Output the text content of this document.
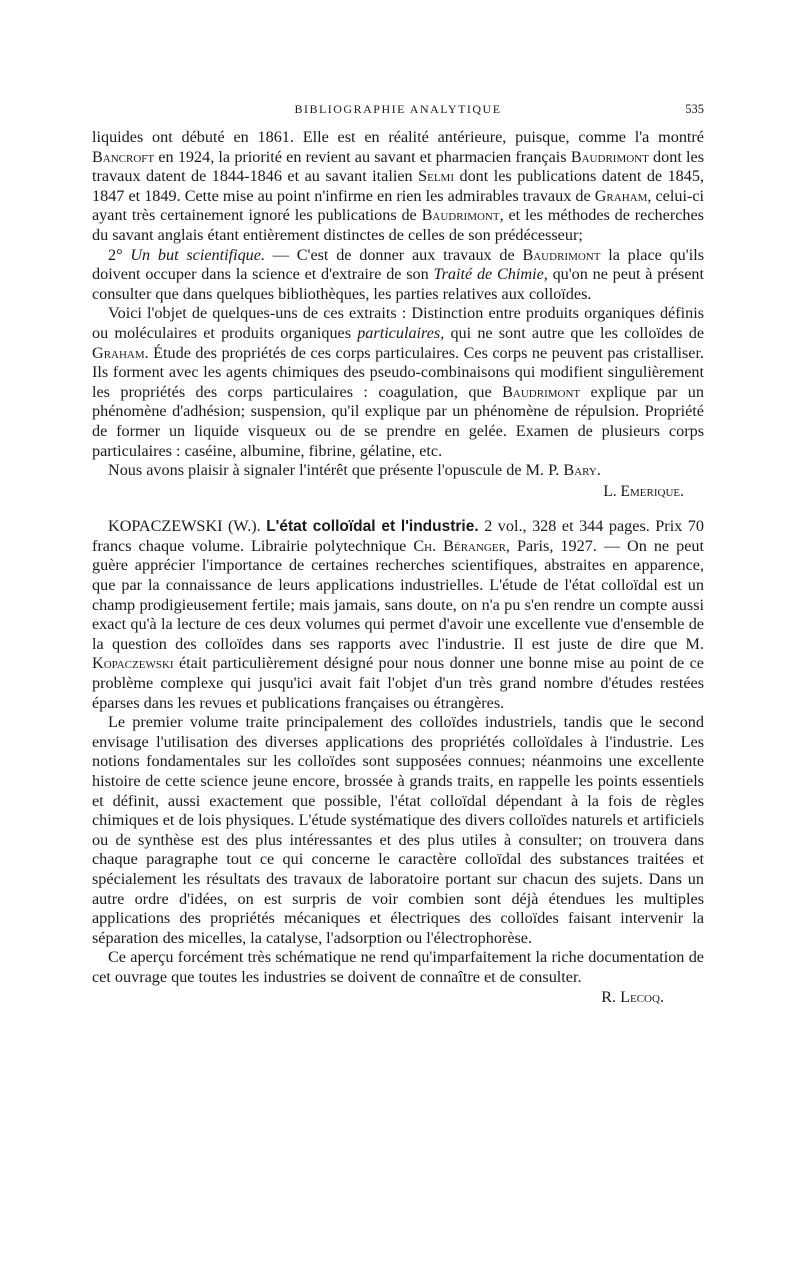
BIBLIOGRAPHIE ANALYTIQUE	535

liquides ont débuté en 1861. Elle est en réalité antérieure, puisque, comme l'a montré Bancroft en 1924, la priorité en revient au savant et pharmacien français Baudrimont dont les travaux datent de 1844-1846 et au savant italien Selmi dont les publications datent de 1845, 1847 et 1849. Cette mise au point n'infirme en rien les admirables travaux de Graham, celui-ci ayant très certainement ignoré les publications de Baudrimont, et les méthodes de recherches du savant anglais étant entièrement distinctes de celles de son prédécesseur;

2° Un but scientifique. — C'est de donner aux travaux de Baudrimont la place qu'ils doivent occuper dans la science et d'extraire de son Traité de Chimie, qu'on ne peut à présent consulter que dans quelques bibliothèques, les parties relatives aux colloïdes.

Voici l'objet de quelques-uns de ces extraits : Distinction entre produits organiques définis ou moléculaires et produits organiques particulaires, qui ne sont autre que les colloïdes de Graham. Étude des propriétés de ces corps particulaires. Ces corps ne peuvent pas cristalliser. Ils forment avec les agents chimiques des pseudo-combinaisons qui modifient singulièrement les propriétés des corps particulaires : coagulation, que Baudrimont explique par un phénomène d'adhésion; suspension, qu'il explique par un phénomène de répulsion. Propriété de former un liquide visqueux ou de se prendre en gelée. Examen de plusieurs corps particulaires : caséine, albumine, fibrine, gélatine, etc.

Nous avons plaisir à signaler l'intérêt que présente l'opuscule de M. P. Bary.

L. Emerique.

KOPACZEWSKI (W.). L'état colloïdal et l'industrie. 2 vol., 328 et 344 pages. Prix 70 francs chaque volume. Librairie polytechnique Ch. Béranger, Paris, 1927. — On ne peut guère apprécier l'importance de certaines recherches scientifiques, abstraites en apparence, que par la connaissance de leurs applications industrielles. L'étude de l'état colloïdal est un champ prodigieusement fertile; mais jamais, sans doute, on n'a pu s'en rendre un compte aussi exact qu'à la lecture de ces deux volumes qui permet d'avoir une excellente vue d'ensemble de la question des colloïdes dans ses rapports avec l'industrie. Il est juste de dire que M. Kopaczewski était particulièrement désigné pour nous donner une bonne mise au point de ce problème complexe qui jusqu'ici avait fait l'objet d'un très grand nombre d'études restées éparses dans les revues et publications françaises ou étrangères.

Le premier volume traite principalement des colloïdes industriels, tandis que le second envisage l'utilisation des diverses applications des propriétés colloïdales à l'industrie. Les notions fondamentales sur les colloïdes sont supposées connues; néanmoins une excellente histoire de cette science jeune encore, brossée à grands traits, en rappelle les points essentiels et définit, aussi exactement que possible, l'état colloïdal dépendant à la fois de règles chimiques et de lois physiques. L'étude systématique des divers colloïdes naturels et artificiels ou de synthèse est des plus intéressantes et des plus utiles à consulter; on trouvera dans chaque paragraphe tout ce qui concerne le caractère colloïdal des substances traitées et spécialement les résultats des travaux de laboratoire portant sur chacun des sujets. Dans un autre ordre d'idées, on est surpris de voir combien sont déjà étendues les multiples applications des propriétés mécaniques et électriques des colloïdes faisant intervenir la séparation des micelles, la catalyse, l'adsorption ou l'électrophorèse.

Ce aperçu forcément très schématique ne rend qu'imparfaitement la riche documentation de cet ouvrage que toutes les industries se doivent de connaître et de consulter.

R. Lecoq.
